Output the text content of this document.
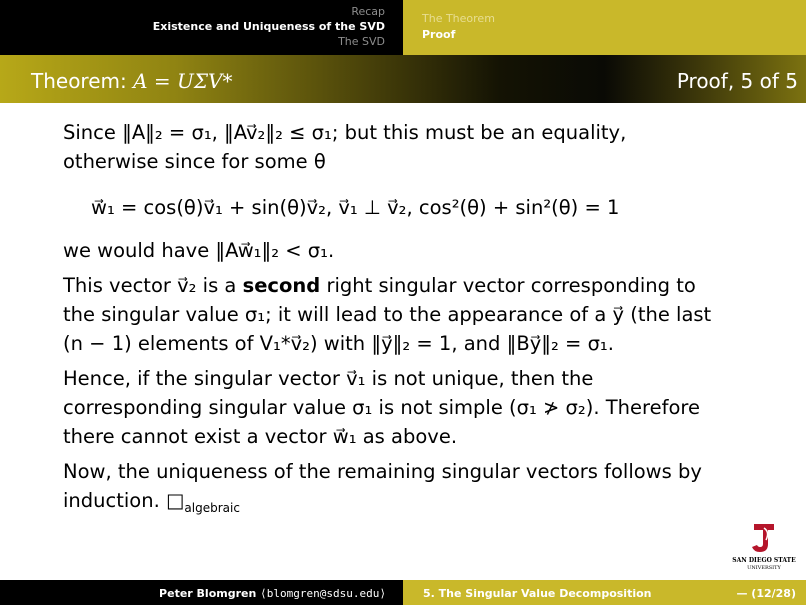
Recap
Existence and Uniqueness of the SVD
The SVD
The Theorem
Proof
Theorem: A = UΣV*	Proof, 5 of 5

Since ‖A‖₂ = σ₁, ‖Av⃗₂‖₂ ≤ σ₁; but this must be an equality,

otherwise since for some θ

w⃗₁ = cos(θ)v⃗₁ + sin(θ)v⃗₂, v⃗₁ ⊥ v⃗₂, cos²(θ) + sin²(θ) = 1

we would have ‖Aw⃗₁‖₂ < σ₁.

This vector v⃗₂ is a second right singular vector corresponding to

the singular value σ₁; it will lead to the appearance of a y⃗ (the last

(n − 1) elements of V₁*v⃗₂) with ‖y⃗‖₂ = 1, and ‖By⃗‖₂ = σ₁.

Hence, if the singular vector v⃗₁ is not unique, then the

corresponding singular value σ₁ is not simple (σ₁ ≯ σ₂). Therefore

there cannot exist a vector w⃗₁ as above.

Now, the uniqueness of the remaining singular vectors follows by

induction. $□_{algebraic}$

SAN DIEGO STATE
UNIVERSITY
Peter Blomgren ⟨blomgren@sdsu.edu⟩	5. The Singular Value Decomposition	— (12/28)
